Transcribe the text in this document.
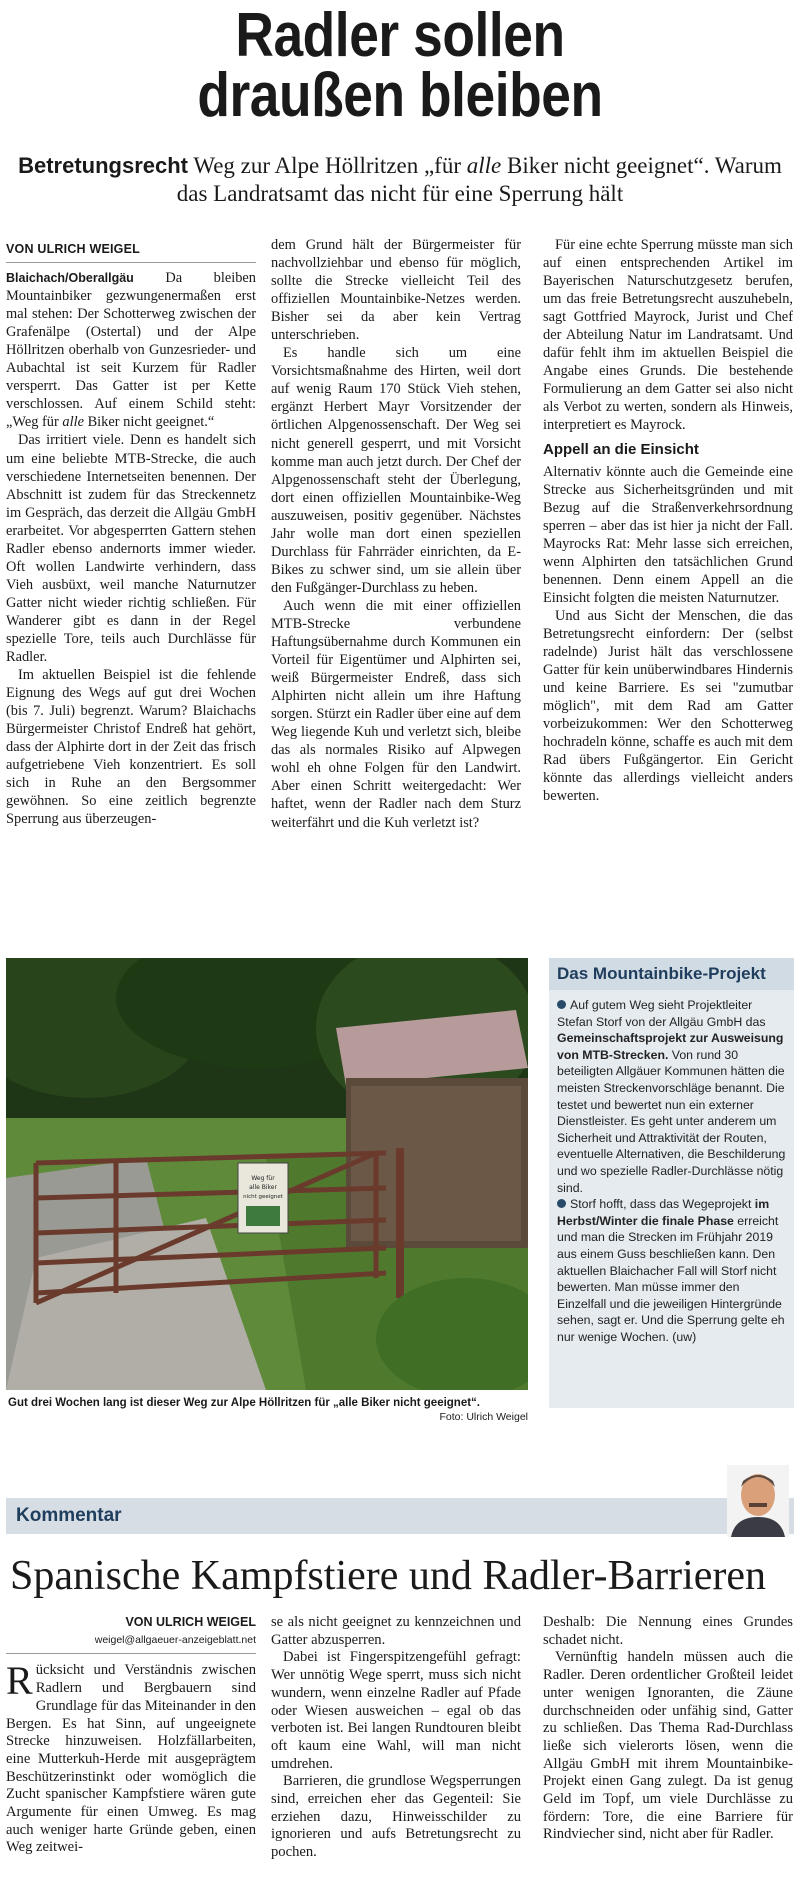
Radler sollen
draußen bleiben
Betretungsrecht Weg zur Alpe Höllritzen „für alle Biker nicht geeignet“. Warum das Landratsamt das nicht für eine Sperrung hält
VON ULRICH WEIGEL

Blaichach/Oberallgäu Da bleiben Mountainbiker gezwungenermaßen erst mal stehen: Der Schotterweg zwischen der Grafenälpe (Ostertal) und der Alpe Höllritzen oberhalb von Gunzesrieder- und Aubachtal ist seit Kurzem für Radler versperrt. Das Gatter ist per Kette verschlossen. Auf einem Schild steht: „Weg für alle Biker nicht geeignet.“

Das irritiert viele. Denn es handelt sich um eine beliebte MTB-Strecke, die auch verschiedene Internetseiten benennen. Der Abschnitt ist zudem für das Streckennetz im Gespräch, das derzeit die Allgäu GmbH erarbeitet. Vor abgesperrten Gattern stehen Radler ebenso andernorts immer wieder. Oft wollen Landwirte verhindern, dass Vieh ausbüxt, weil manche Naturnutzer Gatter nicht wieder richtig schließen. Für Wanderer gibt es dann in der Regel spezielle Tore, teils auch Durchlässe für Radler.

Im aktuellen Beispiel ist die fehlende Eignung des Wegs auf gut drei Wochen (bis 7. Juli) begrenzt. Warum? Blaichachs Bürgermeister Christof Endreß hat gehört, dass der Alphirte dort in der Zeit das frisch aufgetriebene Vieh konzentriert. Es soll sich in Ruhe an den Bergsommer gewöhnen. So eine zeitlich begrenzte Sperrung aus überzeugen-

dem Grund hält der Bürgermeister für nachvollziehbar und ebenso für möglich, sollte die Strecke vielleicht Teil des offiziellen Mountainbike-Netzes werden. Bisher sei da aber kein Vertrag unterschrieben.

Es handle sich um eine Vorsichtsmaßnahme des Hirten, weil dort auf wenig Raum 170 Stück Vieh stehen, ergänzt Herbert Mayr Vorsitzender der örtlichen Alpgenossenschaft. Der Weg sei nicht generell gesperrt, und mit Vorsicht komme man auch jetzt durch. Der Chef der Alpgenossenschaft steht der Überlegung, dort einen offiziellen Mountainbike-Weg auszuweisen, positiv gegenüber. Nächstes Jahr wolle man dort einen speziellen Durchlass für Fahrräder einrichten, da E-Bikes zu schwer sind, um sie allein über den Fußgänger-Durchlass zu heben.

Auch wenn die mit einer offiziellen MTB-Strecke verbundene Haftungsübernahme durch Kommunen ein Vorteil für Eigentümer und Alphirten sei, weiß Bürgermeister Endreß, dass sich Alphirten nicht allein um ihre Haftung sorgen. Stürzt ein Radler über eine auf dem Weg liegende Kuh und verletzt sich, bleibe das als normales Risiko auf Alpwegen wohl eh ohne Folgen für den Landwirt. Aber einen Schritt weitergedacht: Wer haftet, wenn der Radler nach dem Sturz weiterfährt und die Kuh verletzt ist?

Für eine echte Sperrung müsste man sich auf einen entsprechenden Artikel im Bayerischen Naturschutzgesetz berufen, um das freie Betretungsrecht auszuhebeln, sagt Gottfried Mayrock, Jurist und Chef der Abteilung Natur im Landratsamt. Und dafür fehlt ihm im aktuellen Beispiel die Angabe eines Grunds. Die bestehende Formulierung an dem Gatter sei also nicht als Verbot zu werten, sondern als Hinweis, interpretiert es Mayrock.

Appell an die Einsicht

Alternativ könnte auch die Gemeinde eine Strecke aus Sicherheitsgründen und mit Bezug auf die Straßenverkehrsordnung sperren – aber das ist hier ja nicht der Fall. Mayrocks Rat: Mehr lasse sich erreichen, wenn Alphirten den tatsächlichen Grund benennen. Denn einem Appell an die Einsicht folgten die meisten Naturnutzer.

Und aus Sicht der Menschen, die das Betretungsrecht einfordern: Der (selbst radelnde) Jurist hält das verschlossene Gatter für kein unüberwindbares Hindernis und keine Barriere. Es sei "zumutbar möglich", mit dem Rad am Gatter vorbeizukommen: Wer den Schotterweg hochradeln könne, schaffe es auch mit dem Rad übers Fußgängertor. Ein Gericht könnte das allerdings vielleicht anders bewerten.

Weg für
alle Biker
nicht geeignet
Gut drei Wochen lang ist dieser Weg zur Alpe Höllritzen für „alle Biker nicht geeignet“.
Foto: Ulrich Weigel
Das Mountainbike-Projekt

Auf gutem Weg sieht Projektleiter Stefan Storf von der Allgäu GmbH das Gemeinschaftsprojekt zur Ausweisung von MTB-Strecken. Von rund 30 beteiligten Allgäuer Kommunen hätten die meisten Streckenvorschläge benannt. Die testet und bewertet nun ein externer Dienstleister. Es geht unter anderem um Sicherheit und Attraktivität der Routen, eventuelle Alternativen, die Beschilderung und wo spezielle Radler-Durchlässe nötig sind.

Storf hofft, dass das Wegeprojekt im Herbst/Winter die finale Phase erreicht und man die Strecken im Frühjahr 2019 aus einem Guss beschließen kann. Den aktuellen Blaichacher Fall will Storf nicht bewerten. Man müsse immer den Einzelfall und die jeweiligen Hintergründe sehen, sagt er. Und die Sperrung gelte eh nur wenige Wochen. (uw)

Kommentar
Spanische Kampfstiere und Radler-Barrieren
VON ULRICH WEIGEL
weigel@allgaeuer-anzeigeblatt.net

Rücksicht und Verständnis zwischen Radlern und Bergbauern sind Grundlage für das Miteinander in den Bergen. Es hat Sinn, auf ungeeignete Strecke hinzuweisen. Holzfällarbeiten, eine Mutterkuh-Herde mit ausgeprägtem Beschützerinstinkt oder womöglich die Zucht spanischer Kampfstiere wären gute Argumente für einen Umweg. Es mag auch weniger harte Gründe geben, einen Weg zeitwei-

se als nicht geeignet zu kennzeichnen und Gatter abzusperren.

Dabei ist Fingerspitzengefühl gefragt: Wer unnötig Wege sperrt, muss sich nicht wundern, wenn einzelne Radler auf Pfade oder Wiesen ausweichen – egal ob das verboten ist. Bei langen Rundtouren bleibt oft kaum eine Wahl, will man nicht umdrehen.

Barrieren, die grundlose Wegsperrungen sind, erreichen eher das Gegenteil: Sie erziehen dazu, Hinweisschilder zu ignorieren und aufs Betretungsrecht zu pochen.

Deshalb: Die Nennung eines Grundes schadet nicht.

Vernünftig handeln müssen auch die Radler. Deren ordentlicher Großteil leidet unter wenigen Ignoranten, die Zäune durchschneiden oder unfähig sind, Gatter zu schließen. Das Thema Rad-Durchlass ließe sich vielerorts lösen, wenn die Allgäu GmbH mit ihrem Mountainbike-Projekt einen Gang zulegt. Da ist genug Geld im Topf, um viele Durchlässe zu fördern: Tore, die eine Barriere für Rindviecher sind, nicht aber für Radler.
